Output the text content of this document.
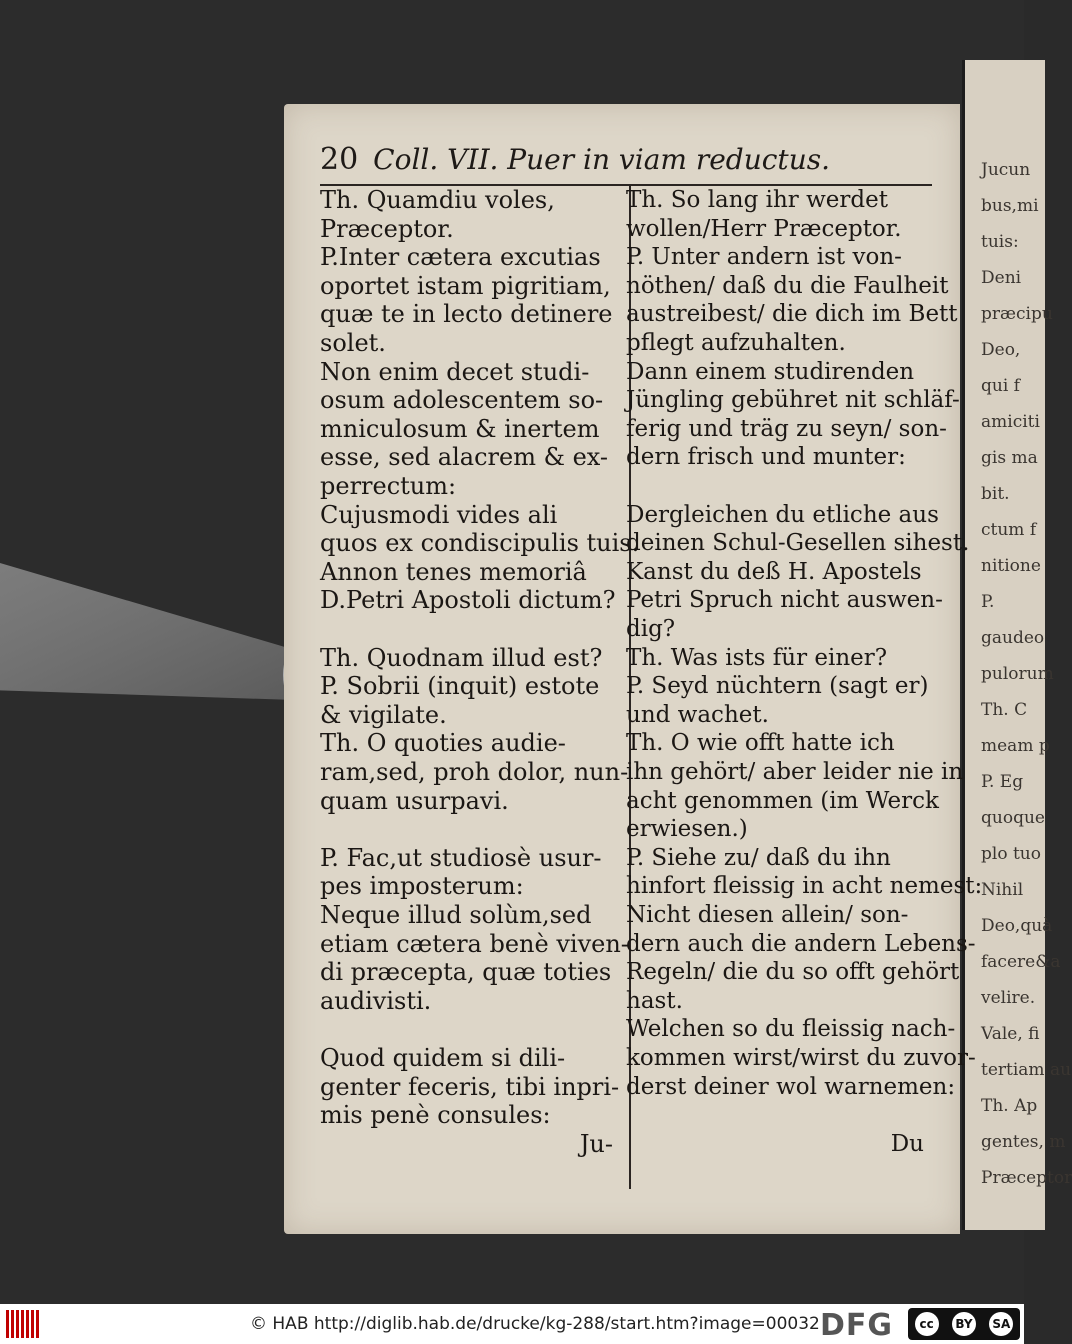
Jucun
bus,mi
tuis:
Deni
præcipu
Deo,
qui f
amiciti
gis ma
bit.
ctum f
nitione
P.
gaudeo
pulorum
Th. C
meam p
P. Eg
quoque
plo tuo
Nihil
Deo,quà
facere&a
velire.
Vale, fi
tertiam au
Th. Ap
gentes, m
Præceptor
20 Coll. VII. Puer in viam reductus.
Th. Quamdiu voles,
Præceptor.
P.Inter cætera excutias
oportet istam pigritiam,
quæ te in lecto detinere
solet.
Non enim decet studi-
osum adolescentem so-
mniculosum & inertem
esse, sed alacrem & ex-
perrectum:
Cujusmodi vides ali
quos ex condiscipulis tuis.
Annon tenes memoriâ
D.Petri Apostoli dictum?
Th. Quodnam illud est?
P. Sobrii (inquit) estote
& vigilate.
Th. O quoties audie-
ram,sed, proh dolor, nun-
quam usurpavi.
P. Fac,ut studiosè usur-
pes imposterum:
Neque illud solùm,sed
etiam cætera benè viven-
di præcepta, quæ toties
audivisti.
Quod quidem si dili-
genter feceris, tibi inpri-
mis penè consules:
Ju-
Th. So lang ihr werdet
wollen/Herr Præceptor.
P. Unter andern ist von-
nöthen/ daß du die Faulheit
austreibest/ die dich im Bett
pflegt aufzuhalten.
Dann einem studirenden
Jüngling gebühret nit schläf-
ferig und träg zu seyn/ son-
dern frisch und munter:
Dergleichen du etliche aus
deinen Schul-Gesellen sihest.
Kanst du deß H. Apostels
Petri Spruch nicht auswen-
dig?
Th. Was ists für einer?
P. Seyd nüchtern (sagt er)
und wachet.
Th. O wie offt hatte ich
ihn gehört/ aber leider nie in
acht genommen (im Werck
erwiesen.)
P. Siehe zu/ daß du ihn
hinfort fleissig in acht nemest:
Nicht diesen allein/ son-
dern auch die andern Lebens-
Regeln/ die du so offt gehört
hast.
Welchen so du fleissig nach-
kommen wirst/wirst du zuvor-
derst deiner wol warnemen:
Du
© HAB http://diglib.hab.de/drucke/kg-288/start.htm?image=00032 DFG	cc	BY SA
